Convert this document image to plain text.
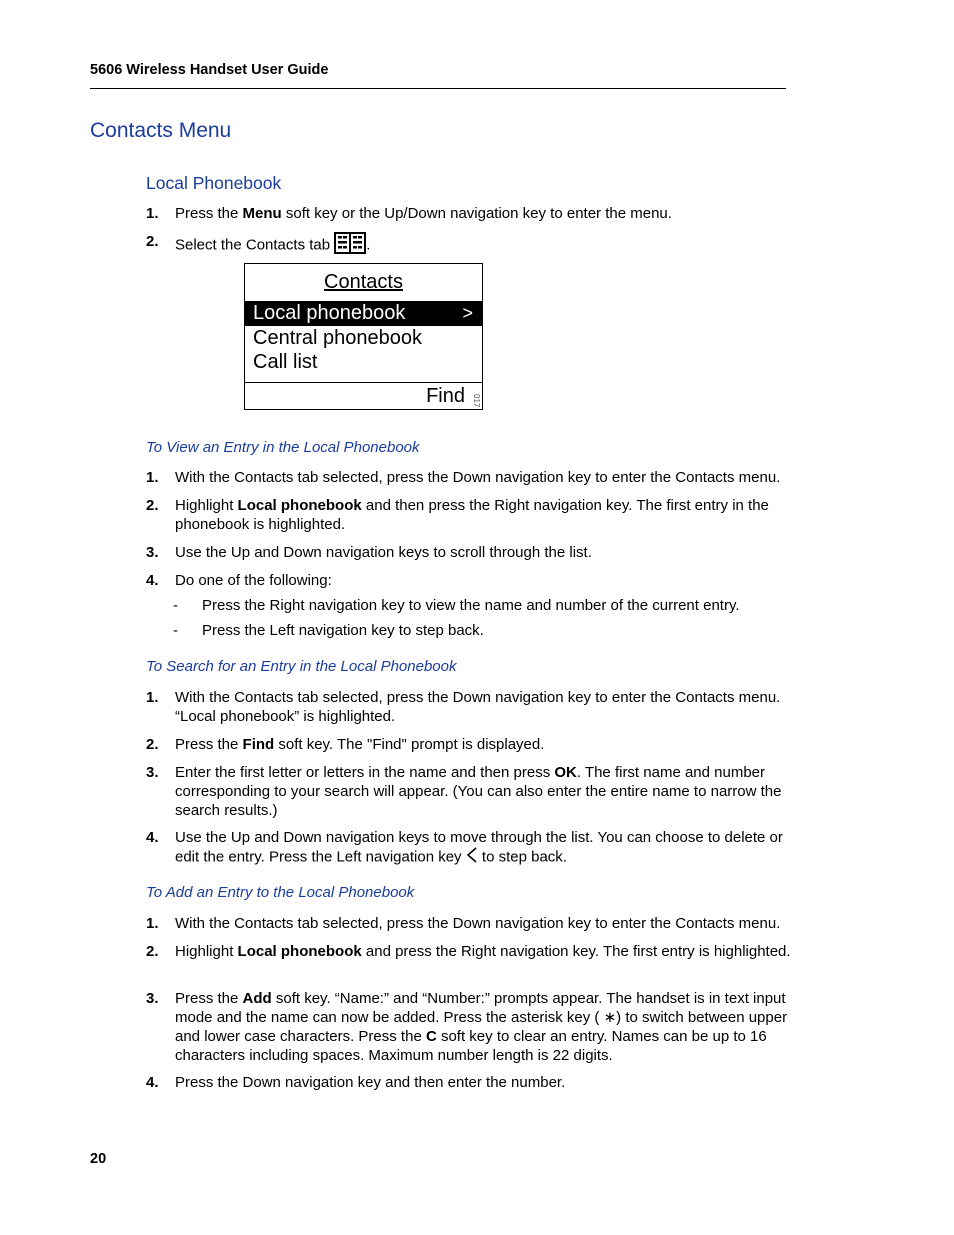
5606 Wireless Handset User Guide
Contacts Menu
Local Phonebook
1. Press the Menu soft key or the Up/Down navigation key to enter the menu.
2. Select the Contacts tab .
Contacts
Local phonebook	>
Central phonebook
Call list
Find 017
To View an Entry in the Local Phonebook
1. With the Contacts tab selected, press the Down navigation key to enter the Contacts menu.
2. Highlight Local phonebook and then press the Right navigation key. The first entry in the phonebook is highlighted.
3. Use the Up and Down navigation keys to scroll through the list.
4. Do one of the following:
- Press the Right navigation key to view the name and number of the current entry.
- Press the Left navigation key to step back.
To Search for an Entry in the Local Phonebook
1. With the Contacts tab selected, press the Down navigation key to enter the Contacts menu. “Local phonebook” is highlighted.
2. Press the Find soft key. The "Find" prompt is displayed.
3. Enter the first letter or letters in the name and then press OK. The first name and number corresponding to your search will appear. (You can also enter the entire name to narrow the search results.)
4. Use the Up and Down navigation keys to move through the list. You can choose to delete or edit the entry. Press the Left navigation key  to step back.
To Add an Entry to the Local Phonebook
1. With the Contacts tab selected, press the Down navigation key to enter the Contacts menu.
2. Highlight Local phonebook and press the Right navigation key. The first entry is highlighted.
3. Press the Add soft key. “Name:” and “Number:” prompts appear. The handset is in text input mode and the name can now be added. Press the asterisk key ( ∗) to switch between upper and lower case characters. Press the C soft key to clear an entry. Names can be up to 16 characters including spaces. Maximum number length is 22 digits.
4. Press the Down navigation key and then enter the number.
20
